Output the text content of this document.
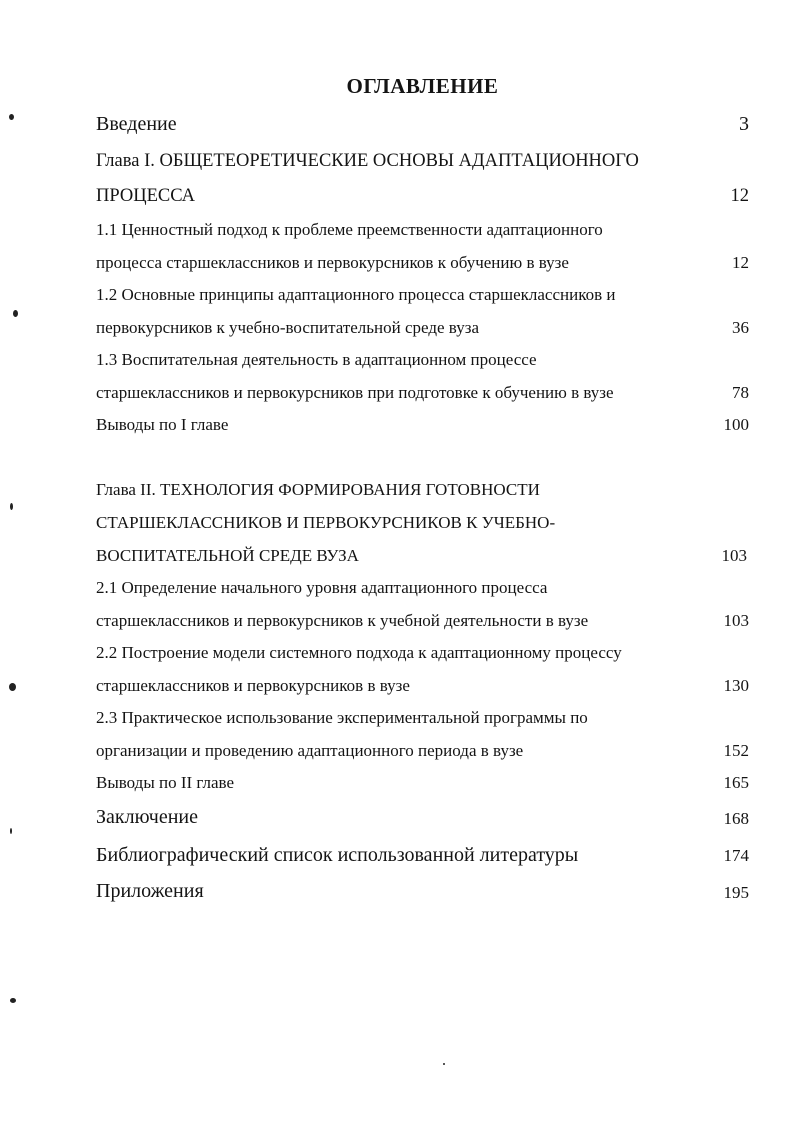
ОГЛАВЛЕНИЕ
Введение	3
Глава I. ОБЩЕТЕОРЕТИЧЕСКИЕ ОСНОВЫ АДАПТАЦИОННОГО
ПРОЦЕССА	12
1.1 Ценностный подход к проблеме преемственности адаптационного
процесса старшеклассников и первокурсников к обучению в вузе	12
1.2 Основные принципы адаптационного процесса старшеклассников и
первокурсников к учебно-воспитательной среде вуза	36
1.3 Воспитательная деятельность в адаптационном процессе
старшеклассников и первокурсников при подготовке к обучению в вузе	78
Выводы по I главе	100
Глава II. ТЕХНОЛОГИЯ ФОРМИРОВАНИЯ ГОТОВНОСТИ
СТАРШЕКЛАССНИКОВ И ПЕРВОКУРСНИКОВ К УЧЕБНО-
ВОСПИТАТЕЛЬНОЙ СРЕДЕ ВУЗА	103
2.1 Определение начального уровня адаптационного процесса
старшеклассников и первокурсников к учебной деятельности в вузе	103
2.2 Построение модели системного подхода к адаптационному процессу
старшеклассников и первокурсников в вузе	130
2.3 Практическое использование экспериментальной программы по
организации и проведению адаптационного периода в вузе	152
Выводы по II главе	165
Заключение	168
Библиографический список использованной литературы	174
Приложения	195
